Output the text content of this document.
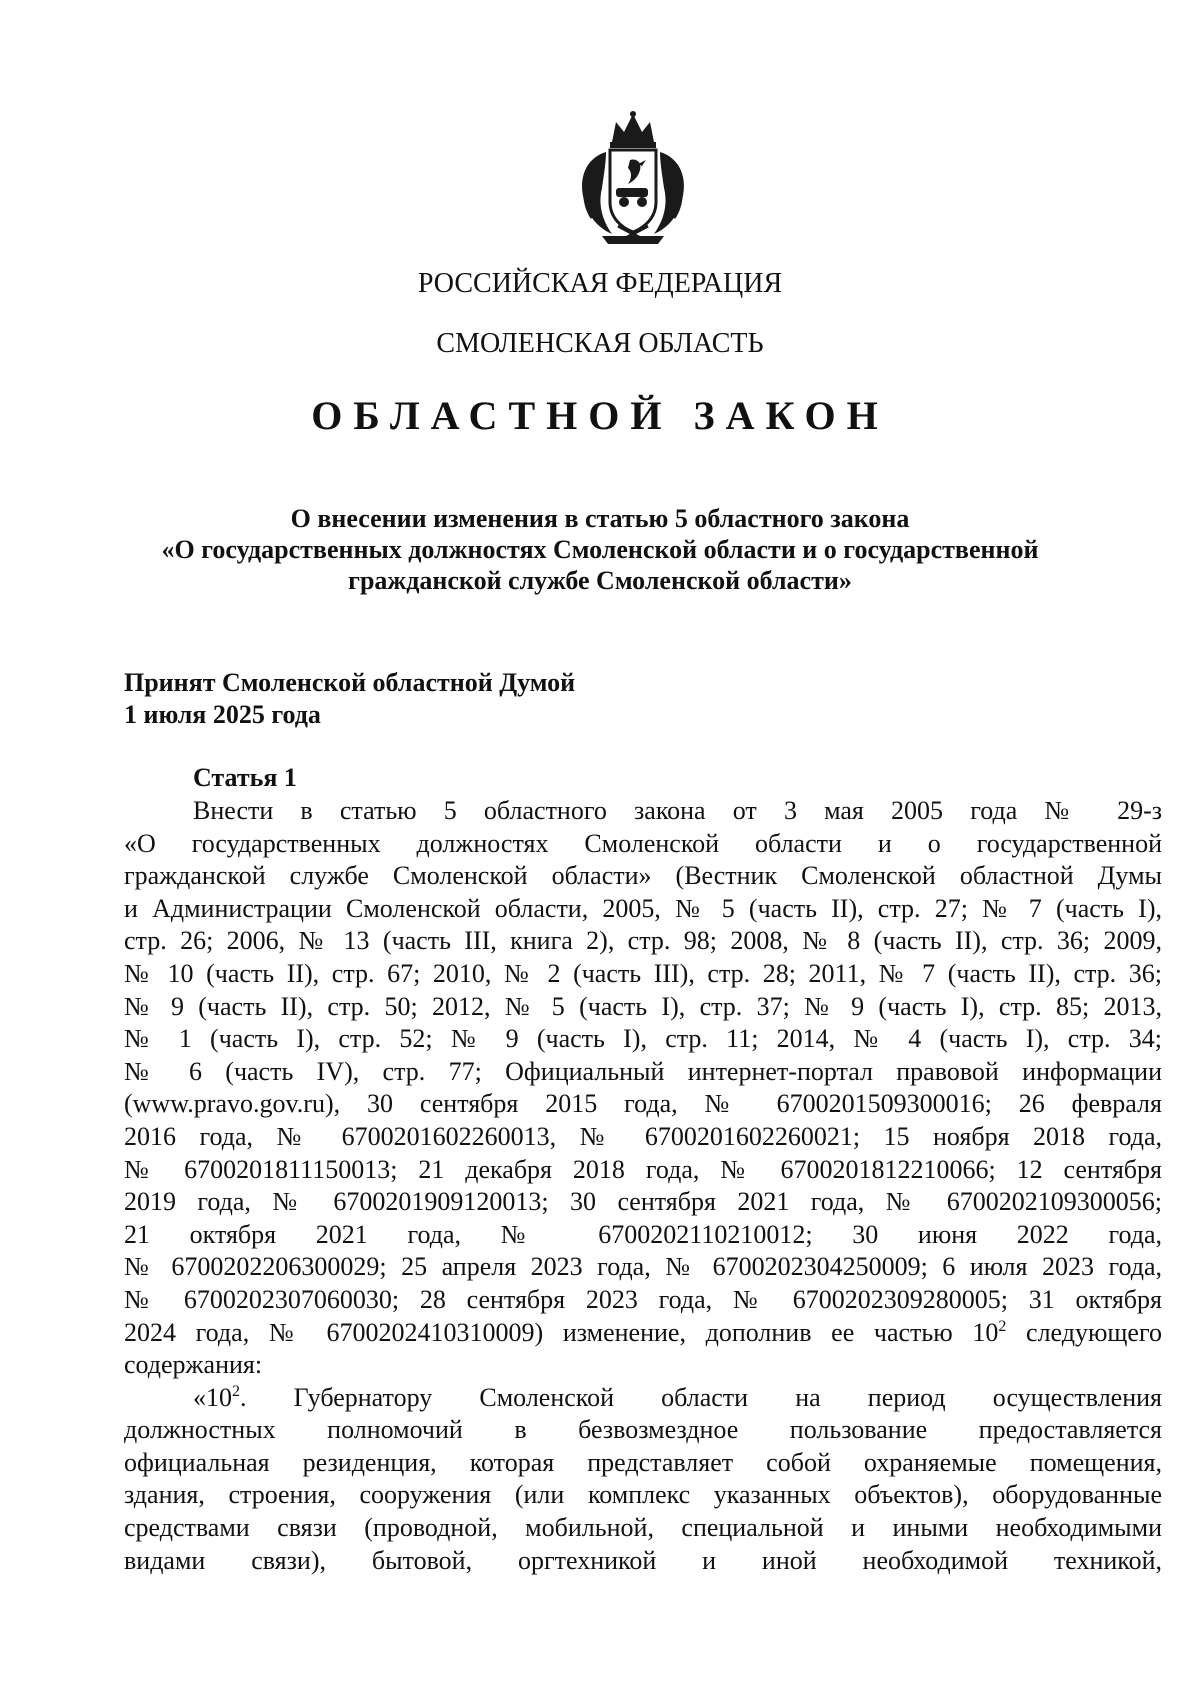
РОССИЙСКАЯ ФЕДЕРАЦИЯ
СМОЛЕНСКАЯ ОБЛАСТЬ
ОБЛАСТНОЙ ЗАКОН
О внесении изменения в статью 5 областного закона
«О государственных должностях Смоленской области и о государственной
гражданской службе Смоленской области»
Принят Смоленской областной Думой
1 июля 2025 года
Статья 1
Внести в статью 5 областного закона от 3 мая 2005 года № 29-з
«О государственных должностях Смоленской области и о государственной
гражданской службе Смоленской области» (Вестник Смоленской областной Думы
и Администрации Смоленской области, 2005, № 5 (часть II), стр. 27; № 7 (часть I),
стр. 26; 2006, № 13 (часть III, книга 2), стр. 98; 2008, № 8 (часть II), стр. 36; 2009,
№ 10 (часть II), стр. 67; 2010, № 2 (часть III), стр. 28; 2011, № 7 (часть II), стр. 36;
№ 9 (часть II), стр. 50; 2012, № 5 (часть I), стр. 37; № 9 (часть I), стр. 85; 2013,
№ 1 (часть I), стр. 52; № 9 (часть I), стр. 11; 2014, № 4 (часть I), стр. 34;
№ 6 (часть IV), стр. 77; Официальный интернет-портал правовой информации
(www.pravo.gov.ru), 30 сентября 2015 года, № 6700201509300016; 26 февраля
2016 года, № 6700201602260013, № 6700201602260021; 15 ноября 2018 года,
№ 6700201811150013; 21 декабря 2018 года, № 6700201812210066; 12 сентября
2019 года, № 6700201909120013; 30 сентября 2021 года, № 6700202109300056;
21 октября 2021 года, № 6700202110210012; 30 июня 2022 года,
№ 6700202206300029; 25 апреля 2023 года, № 6700202304250009; 6 июля 2023 года,
№ 6700202307060030; 28 сентября 2023 года, № 6700202309280005; 31 октября
2024 года, № 6700202410310009) изменение, дополнив ее частью $10^2$ следующего
содержания:
«$10^2$. Губернатору Смоленской области на период осуществления
должностных полномочий в безвозмездное пользование предоставляется
официальная резиденция, которая представляет собой охраняемые помещения,
здания, строения, сооружения (или комплекс указанных объектов), оборудованные
средствами связи (проводной, мобильной, специальной и иными необходимыми
видами связи), бытовой, оргтехникой и иной необходимой техникой,
